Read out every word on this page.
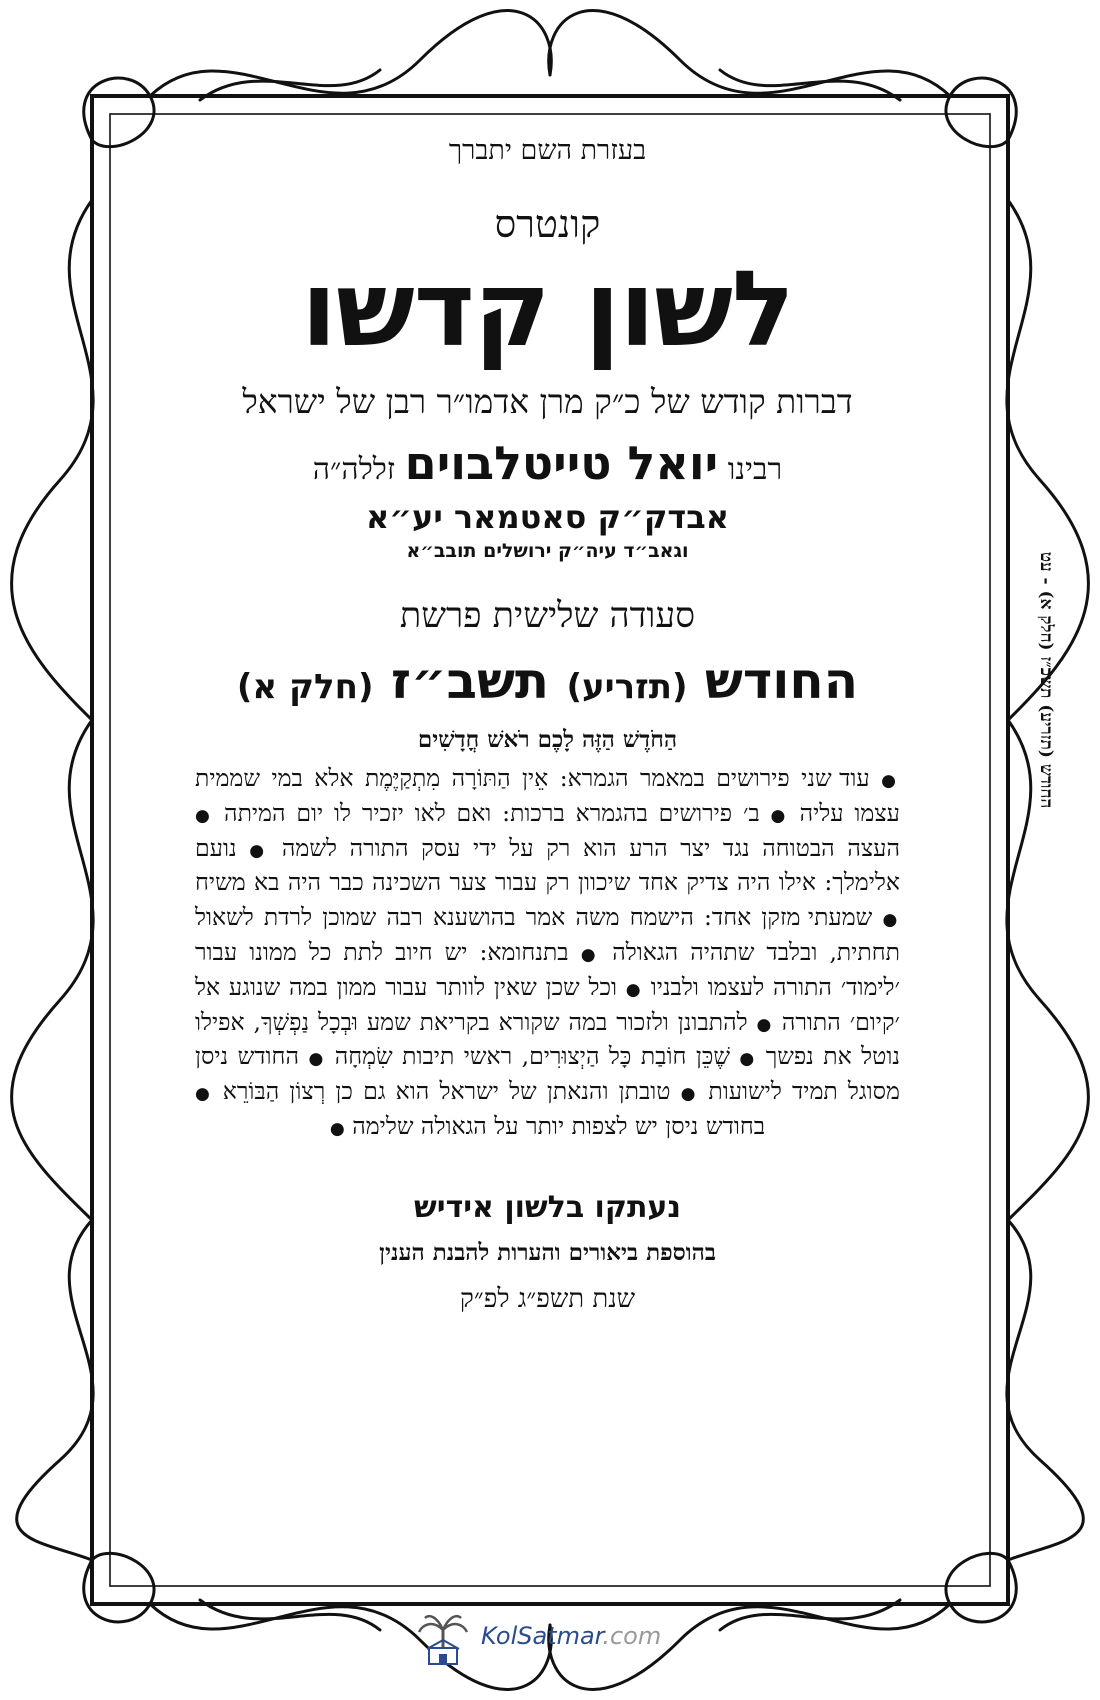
בעזרת השם יתברך
קונטרס
לשון קדשו
דברות קודש של כ״ק מרן אדמו״ר רבן של ישראל
רבינו יואל טייטלבוים זללה״ה
אבדק״ק סאטמאר יע״א
וגאב״ד עיה״ק ירושלים תובב״א
סעודה שלישית פרשת
החודש (תזריע) תשב״ז (חלק א)
הַחֹדֶשׁ הַזֶּה לָכֶם רֹאשׁ חֳדָשִׁים
● עוד שני פירושים במאמר הגמרא: אֵין הַתּוֹרָה מִתְקַיֶּמֶת אלא במי שממית עצמו עליה ● ב׳ פירושים בהגמרא ברכות: ואם לאו יזכיר לו יום המיתה ● העצה הבטוחה נגד יצר הרע הוא רק על ידי עסק התורה לשמה ● נועם אלימלך: אילו היה צדיק אחד שיכוון רק עבור צער השכינה כבר היה בא משיח ● שמעתי מזקן אחד: הישמח משה אמר בהושענא רבה שמוכן לרדת לשאול תחתית, ובלבד שתהיה הגאולה ● בתנחומא: יש חיוב לתת כל ממונו עבור ׳לימוד׳ התורה לעצמו ולבניו ● וכל שכן שאין לוותר עבור ממון במה שנוגע אל ׳קיום׳ התורה ● להתבונן ולזכור במה שקורא בקריאת שמע וּבְכָל נַפְשְׁךָ, אפילו נוטל את נפשך ● שֶׁכֵּן חוֹבַת כָּל הַיְצוּרִים, ראשי תיבות שִׂמְחָה ● החודש ניסן מסוגל תמיד לישועות ● טובתן והנאתן של ישראל הוא גם כן רְצוֹן הַבּוֹרֵא ● בחודש ניסן יש לצפות יותר על הגאולה שלימה ●
נעתקו בלשון אידיש
בהוספת ביאורים והערות להבנת הענין
שנת תשפ״ג לפ״ק
החודש (תזריע) תשכ״ז (חלק א) - עט
KolSatmar.com
